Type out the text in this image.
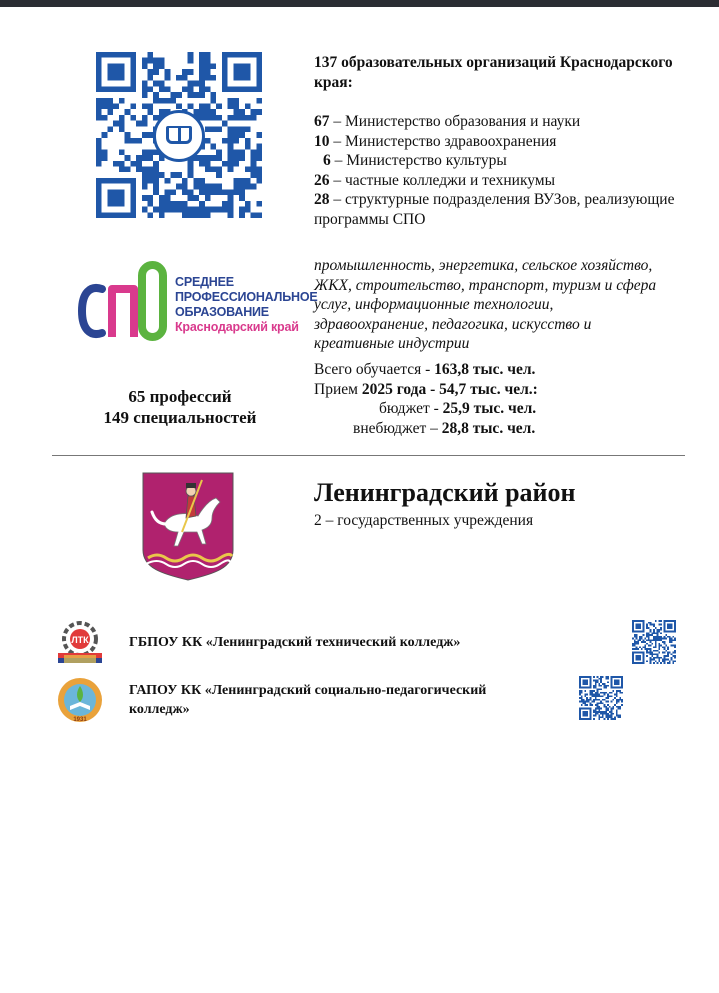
137 образовательных организаций Краснодарского края:
67 – Министерство образования и науки
10 – Министерство здравоохранения
6 – Министерство культуры
26 – частные колледжи и техникумы
28 – структурные подразделения ВУЗов, реализующие программы СПО
СРЕДНЕЕ
ПРОФЕССИОНАЛЬНОЕ
ОБРАЗОВАНИЕ
Краснодарский край
промышленность, энергетика, сельское хозяйство, ЖКХ, строительство, транспорт, туризм и сфера услуг, информационные технологии, здравоохранение, педагогика, искусство и креативные индустрии
65 профессий
149 специальностей
Всего обучается - 163,8 тыс. чел.
Прием 2025 года - 54,7 тыс. чел.:
бюджет - 25,9 тыс. чел.
внебюджет – 28,8 тыс. чел.
Ленинградский район
2 – государственных учреждения
ЛТК	ГБПОУ КК «Ленинградский технический колледж»
1931
ГАПОУ КК «Ленинградский социально-педагогический колледж»
